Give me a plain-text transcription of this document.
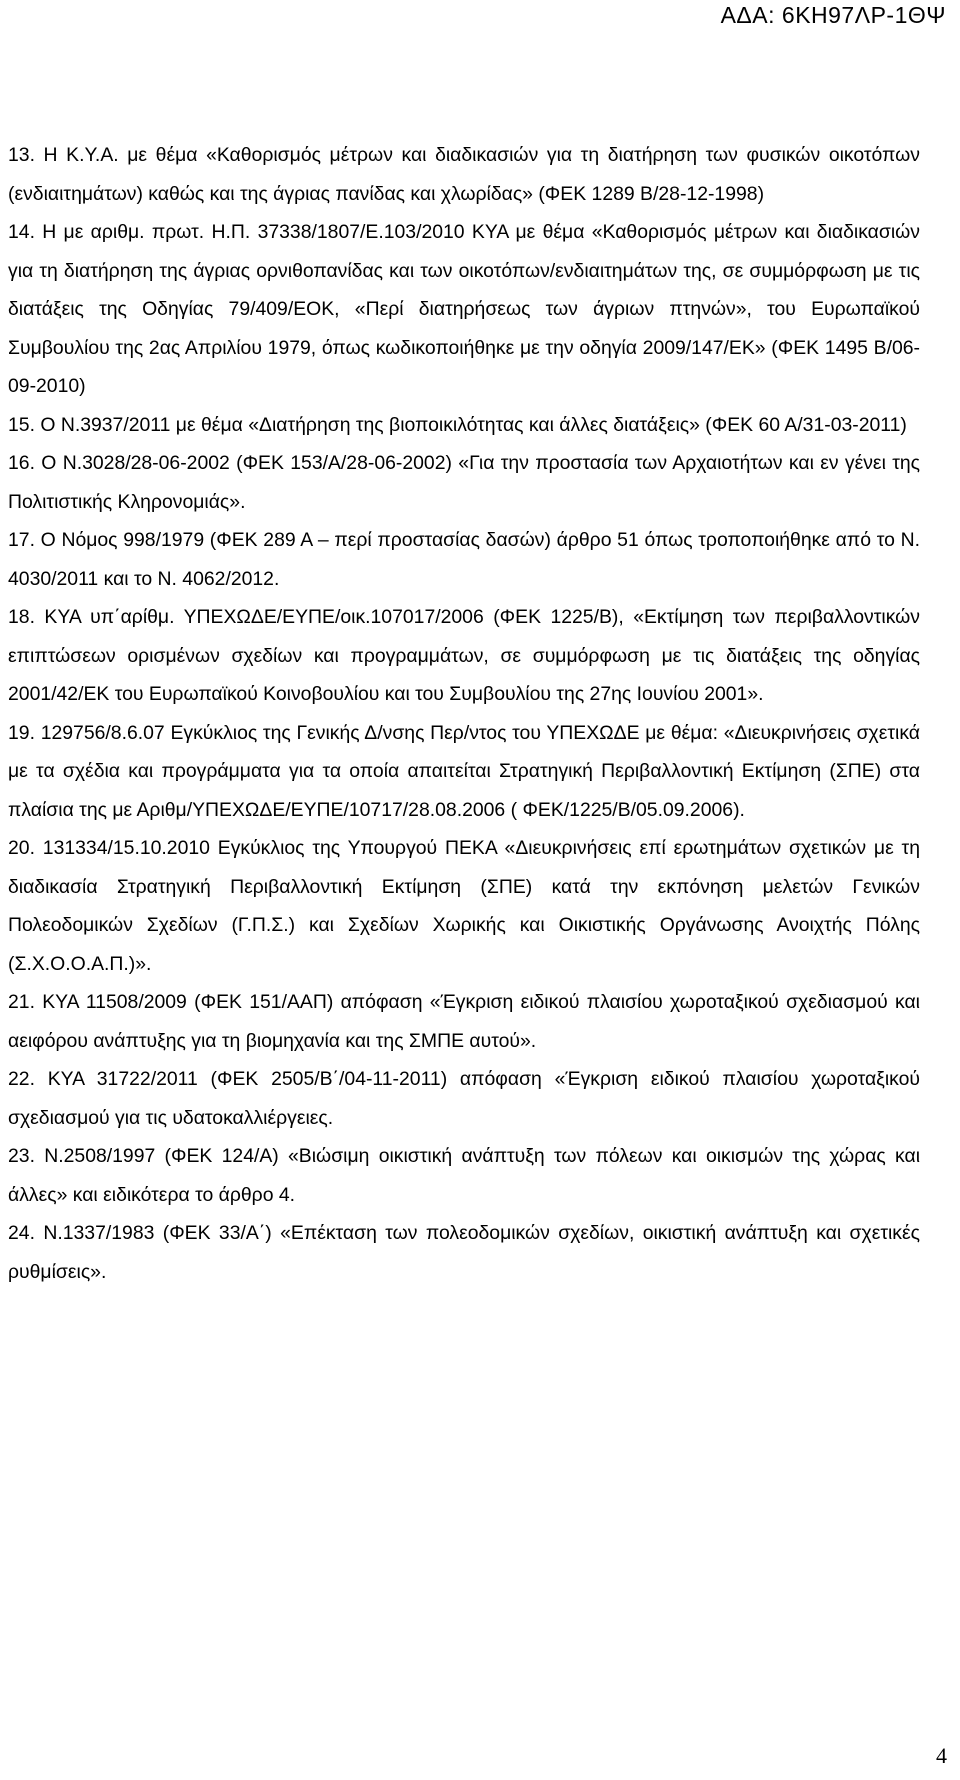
ΑΔΑ: 6ΚΗ97ΛΡ-1ΘΨ

13. Η Κ.Υ.Α. με θέμα «Καθορισμός μέτρων και διαδικασιών για τη διατήρηση των φυσικών οικοτόπων (ενδιαιτημάτων) καθώς και της άγριας πανίδας και χλωρίδας» (ΦΕΚ 1289 Β/28-12-1998)

14. Η με αριθμ. πρωτ. Η.Π. 37338/1807/Ε.103/2010 ΚΥΑ με θέμα «Καθορισμός μέτρων και διαδικασιών για τη διατήρηση της άγριας ορνιθοπανίδας και των οικοτόπων/ενδιαιτημάτων της, σε συμμόρφωση με τις διατάξεις της Οδηγίας 79/409/ΕΟΚ, «Περί διατηρήσεως των άγριων πτηνών», του Ευρωπαϊκού Συμβουλίου της 2ας Απριλίου 1979, όπως κωδικοποιήθηκε με την οδηγία 2009/147/ΕΚ» (ΦΕΚ 1495 Β/06-09-2010)

15. Ο Ν.3937/2011 με θέμα «Διατήρηση της βιοποικιλότητας και άλλες διατάξεις» (ΦΕΚ 60 Α/31-03-2011)

16. Ο Ν.3028/28-06-2002 (ΦΕΚ 153/Α/28-06-2002) «Για την προστασία των Αρχαιοτήτων και εν γένει της Πολιτιστικής Κληρονομιάς».

17. Ο Νόμος 998/1979 (ΦΕΚ 289 Α – περί προστασίας δασών) άρθρο 51 όπως τροποποιήθηκε από το Ν. 4030/2011 και το Ν. 4062/2012.

18. ΚΥΑ υπ΄αρίθμ. ΥΠΕΧΩΔΕ/ΕΥΠΕ/οικ.107017/2006 (ΦΕΚ 1225/Β), «Εκτίμηση των περιβαλλοντικών επιπτώσεων ορισμένων σχεδίων και προγραμμάτων, σε συμμόρφωση με τις διατάξεις της οδηγίας 2001/42/ΕΚ του Ευρωπαϊκού Κοινοβουλίου και του Συμβουλίου της 27ης Ιουνίου 2001».

19. 129756/8.6.07 Εγκύκλιος της Γενικής Δ/νσης Περ/ντος του ΥΠΕΧΩΔΕ με θέμα: «Διευκρινήσεις σχετικά με τα σχέδια και προγράμματα για τα οποία απαιτείται Στρατηγική Περιβαλλοντική Εκτίμηση (ΣΠΕ) στα πλαίσια της με Αριθμ/ΥΠΕΧΩΔΕ/ΕΥΠΕ/10717/28.08.2006 ( ΦΕΚ/1225/Β/05.09.2006).

20. 131334/15.10.2010 Εγκύκλιος της Υπουργού ΠΕΚΑ «Διευκρινήσεις επί ερωτημάτων σχετικών με τη διαδικασία Στρατηγική Περιβαλλοντική Εκτίμηση (ΣΠΕ) κατά την εκπόνηση μελετών Γενικών Πολεοδομικών Σχεδίων (Γ.Π.Σ.) και Σχεδίων Χωρικής και Οικιστικής Οργάνωσης Ανοιχτής Πόλης (Σ.Χ.Ο.Ο.Α.Π.)».

21. ΚΥΑ 11508/2009 (ΦΕΚ 151/ΑΑΠ) απόφαση «Έγκριση ειδικού πλαισίου χωροταξικού σχεδιασμού και αειφόρου ανάπτυξης για τη βιομηχανία και της ΣΜΠΕ αυτού».

22. ΚΥΑ 31722/2011 (ΦΕΚ 2505/Β΄/04-11-2011) απόφαση «Έγκριση ειδικού πλαισίου χωροταξικού σχεδιασμού για τις υδατοκαλλιέργειες.

23. Ν.2508/1997 (ΦΕΚ 124/Α) «Βιώσιμη οικιστική ανάπτυξη των πόλεων και οικισμών της χώρας και άλλες» και ειδικότερα το άρθρο 4.

24. Ν.1337/1983 (ΦΕΚ 33/Α΄) «Επέκταση των πολεοδομικών σχεδίων, οικιστική ανάπτυξη και σχετικές ρυθμίσεις».

4
